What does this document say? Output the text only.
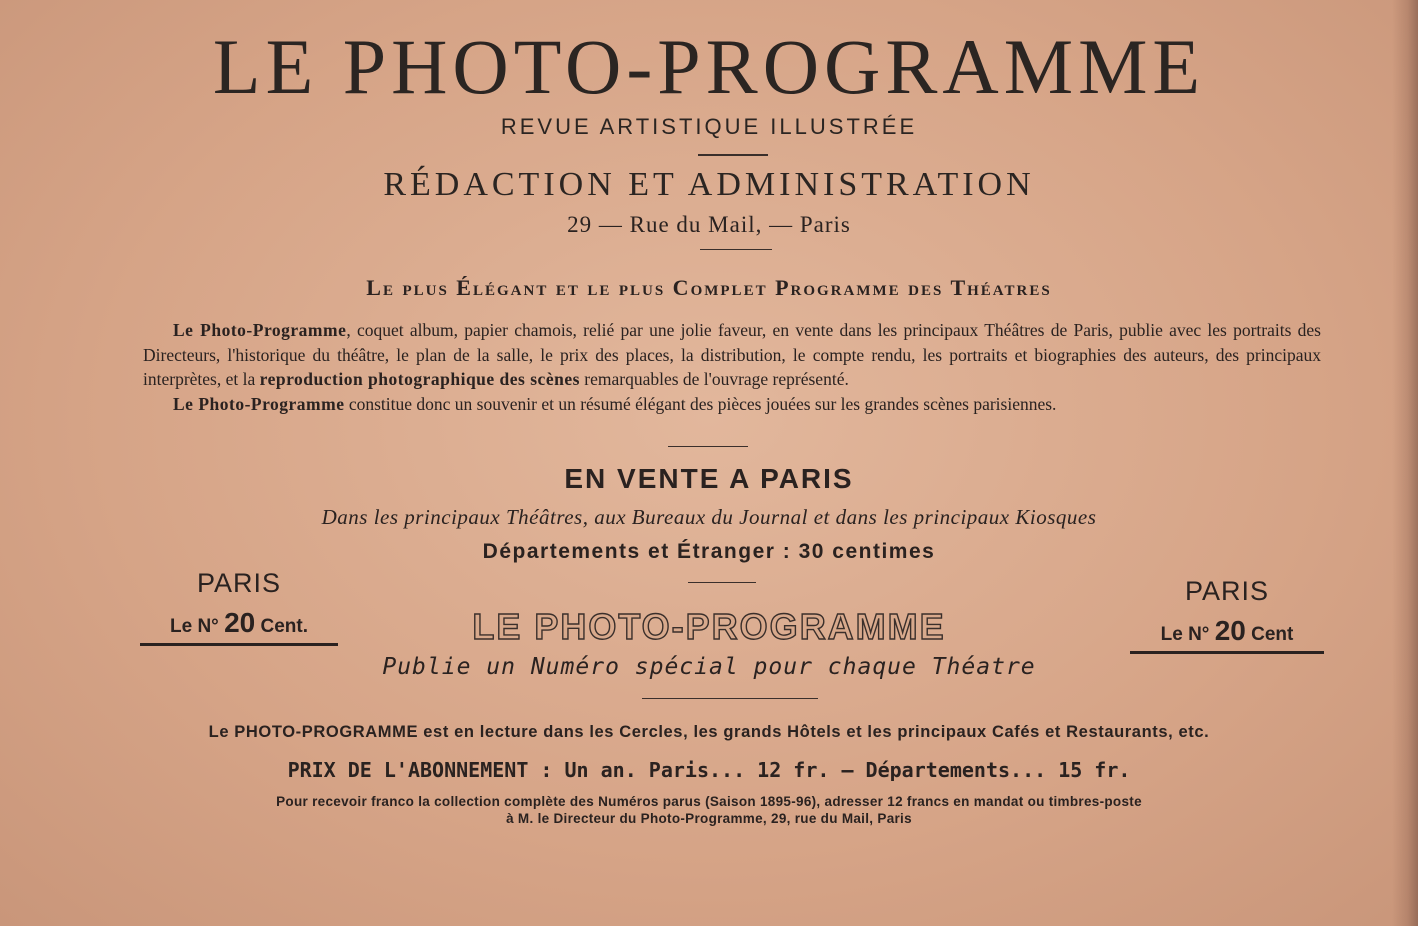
LE PHOTO-PROGRAMME
REVUE ARTISTIQUE ILLUSTRÉE
RÉDACTION ET ADMINISTRATION
29 — Rue du Mail, — Paris
Le plus Élégant et le plus Complet Programme des Théatres
Le Photo-Programme, coquet album, papier chamois, relié par une jolie faveur, en vente dans les principaux Théâtres de Paris, publie avec les portraits des Directeurs, l'historique du théâtre, le plan de la salle, le prix des places, la distribution, le compte rendu, les portraits et biographies des auteurs, des principaux interprètes, et la reproduction photographique des scènes remarquables de l'ouvrage représenté.
Le Photo-Programme constitue donc un souvenir et un résumé élégant des pièces jouées sur les grandes scènes parisiennes.
EN VENTE A PARIS
Dans les principaux Théâtres, aux Bureaux du Journal et dans les principaux Kiosques
Départements et Étranger : 30 centimes
PARIS
Le N° 20 Cent.
PARIS
Le N° 20 Cent
LE PHOTO-PROGRAMME
Publie un Numéro spécial pour chaque Théatre
Le PHOTO-PROGRAMME est en lecture dans les Cercles, les grands Hôtels et les principaux Cafés et Restaurants, etc.
PRIX DE L'ABONNEMENT : Un an. Paris... 12 fr. — Départements... 15 fr.
Pour recevoir franco la collection complète des Numéros parus (Saison 1895-96), adresser 12 francs en mandat ou timbres-poste
à M. le Directeur du Photo-Programme, 29, rue du Mail, Paris
